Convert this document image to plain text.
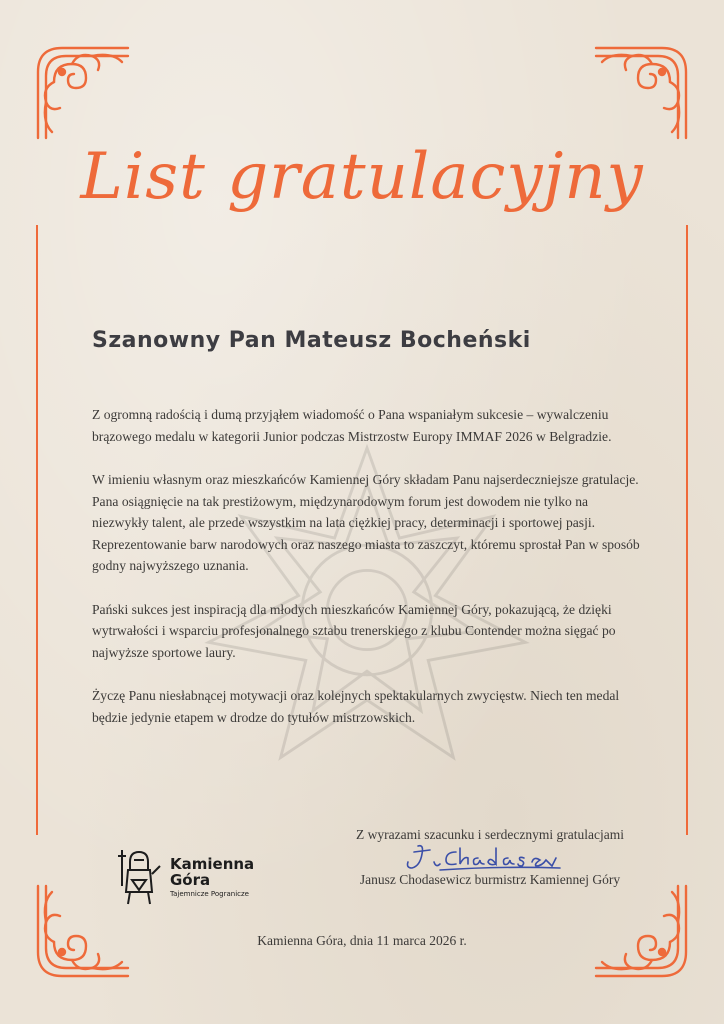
List gratulacyjny
Szanowny Pan Mateusz Bocheński

Z ogromną radością i dumą przyjąłem wiadomość o Pana wspaniałym sukcesie – wywalczeniu brązowego medalu w kategorii Junior podczas Mistrzostw Europy IMMAF 2026 w Belgradzie.

W imieniu własnym oraz mieszkańców Kamiennej Góry składam Panu najserdeczniejsze gratulacje. Pana osiągnięcie na tak prestiżowym, międzynarodowym forum jest dowodem nie tylko na niezwykły talent, ale przede wszystkim na lata ciężkiej pracy, determinacji i sportowej pasji. Reprezentowanie barw narodowych oraz naszego miasta to zaszczyt, któremu sprostał Pan w sposób godny najwyższego uznania.

Pański sukces jest inspiracją dla młodych mieszkańców Kamiennej Góry, pokazującą, że dzięki wytrwałości i wsparciu profesjonalnego sztabu trenerskiego z klubu Contender można sięgać po najwyższe sportowe laury.

Życzę Panu niesłabnącej motywacji oraz kolejnych spektakularnych zwycięstw. Niech ten medal będzie jedynie etapem w drodze do tytułów mistrzowskich.

Kamienna
Góra
Tajemnicze Pogranicze
Z wyrazami szacunku i serdecznymi gratulacjami
Janusz Chodasewicz burmistrz Kamiennej Góry
Kamienna Góra, dnia 11 marca 2026 r.
